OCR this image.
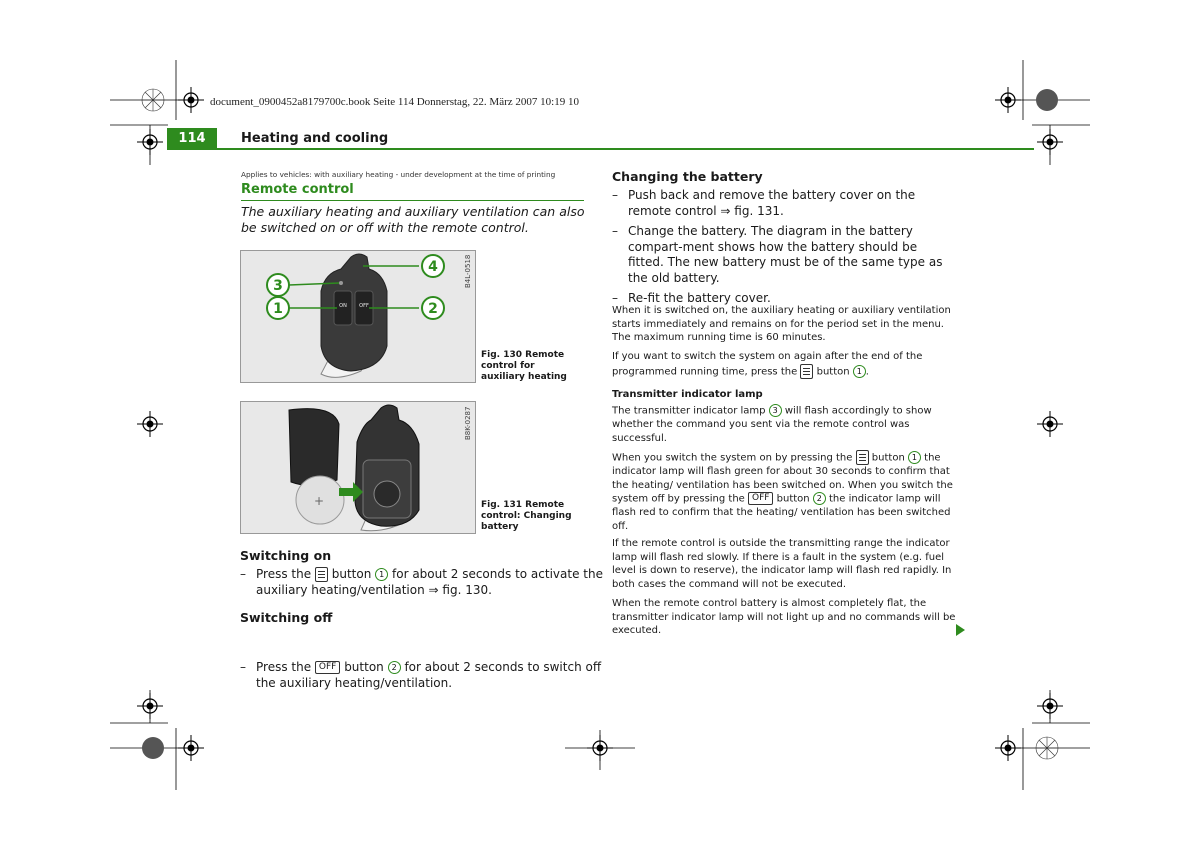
document_0900452a8179700c.book Seite 114 Donnerstag, 22. März 2007 10:19 10
114	Heating and cooling
Applies to vehicles: with auxiliary heating - under development at the time of printing
Remote control

The auxiliary heating and auxiliary ventilation can also be switched on or off with the remote control.

ON OFF
3
1	2
4	B4L-0518
Fig. 130 Remote control for auxiliary heating
+
B8K-0287
Fig. 131 Remote control: Changing battery
Switching on
– Press the button 1 for about 2 seconds to activate the auxiliary heating/ventilation ⇒ fig. 130.
Switching off
– Press the OFF button 2 for about 2 seconds to switch off the auxiliary heating/ventilation.
Changing the battery
– Push back and remove the battery cover on the remote control ⇒ fig. 131.
– Change the battery. The diagram in the battery compart-ment shows how the battery should be fitted. The new battery must be of the same type as the old battery.
– Re-fit the battery cover.

When it is switched on, the auxiliary heating or auxiliary ventilation starts immediately and remains on for the period set in the menu. The maximum running time is 60 minutes.

If you want to switch the system on again after the end of the programmed running time, press the button 1 .

Transmitter indicator lamp

The transmitter indicator lamp 3 will flash accordingly to show whether the command you sent via the remote control was successful.

When you switch the system on by pressing the button 1 the indicator lamp will flash green for about 30 seconds to confirm that the heating/ ventilation has been switched on. When you switch the system off by pressing the OFF button 2 the indicator lamp will flash red to confirm that the heating/ ventilation has been switched off.

If the remote control is outside the transmitting range the indicator lamp will flash red slowly. If there is a fault in the system (e.g. fuel level is down to reserve), the indicator lamp will flash red rapidly. In both cases the command will not be executed.

When the remote control battery is almost completely flat, the transmitter indicator lamp will not light up and no commands will be executed.
